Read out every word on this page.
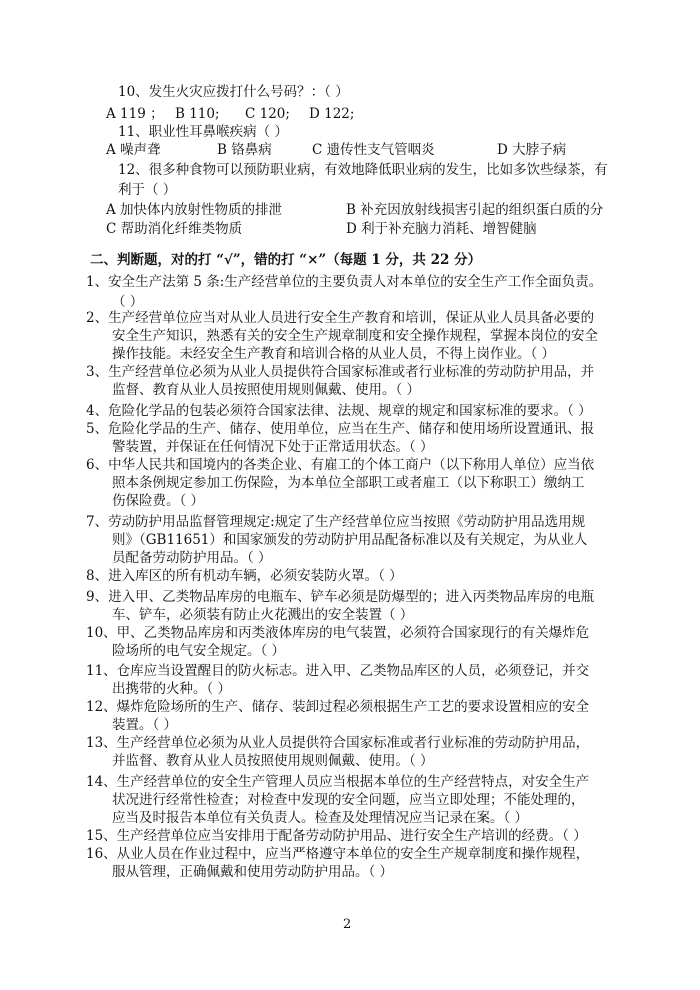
10、发生火灾应拨打什么号码？：（ ）
A 119 ； B 110; C 120; D 122;
11、职业性耳鼻喉疾病（ ）
A 噪声聋	B 铬鼻病	C 遗传性支气管咽炎	D 大脖子病
12、很多种食物可以预防职业病，有效地降低职业病的发生，比如多饮些绿茶，有
利于（ ）
A 加快体内放射性物质的排泄	B 补充因放射线损害引起的组织蛋白质的分
C 帮助消化纤维类物质	D 利于补充脑力消耗、增智健脑
二、判断题，对的打 “√”，错的打 “×”（每题 1 分，共 22 分）
1、安全生产法第 5 条:生产经营单位的主要负责人对本单位的安全生产工作全面负责。
（ ）
2、生产经营单位应当对从业人员进行安全生产教育和培训，保证从业人员具备必要的
安全生产知识，熟悉有关的安全生产规章制度和安全操作规程，掌握本岗位的安全
操作技能。未经安全生产教育和培训合格的从业人员，不得上岗作业。（ ）
3、生产经营单位必须为从业人员提供符合国家标准或者行业标准的劳动防护用品，并
监督、教育从业人员按照使用规则佩戴、使用。（ ）
4、危险化学品的包装必须符合国家法律、法规、规章的规定和国家标准的要求。（ ）
5、危险化学品的生产、储存、使用单位，应当在生产、储存和使用场所设置通讯、报
警装置，并保证在任何情况下处于正常适用状态。（ ）
6、中华人民共和国境内的各类企业、有雇工的个体工商户（以下称用人单位）应当依
照本条例规定参加工伤保险，为本单位全部职工或者雇工（以下称职工）缴纳工
伤保险费。（ ）
7、劳动防护用品监督管理规定:规定了生产经营单位应当按照《劳动防护用品选用规
则》（GB11651）和国家颁发的劳动防护用品配备标准以及有关规定，为从业人
员配备劳动防护用品。（ ）
8、进入库区的所有机动车辆，必须安装防火罩。（ ）
9、进入甲、乙类物品库房的电瓶车、铲车必须是防爆型的；进入丙类物品库房的电瓶
车、铲车，必须装有防止火花溅出的安全装置（ ）
10、甲、乙类物品库房和丙类液体库房的电气装置，必须符合国家现行的有关爆炸危
险场所的电气安全规定。（ ）
11、仓库应当设置醒目的防火标志。进入甲、乙类物品库区的人员，必须登记，并交
出携带的火种。（ ）
12、爆炸危险场所的生产、储存、装卸过程必须根据生产工艺的要求设置相应的安全
装置。（ ）
13、生产经营单位必须为从业人员提供符合国家标准或者行业标准的劳动防护用品，
并监督、教育从业人员按照使用规则佩戴、使用。（ ）
14、生产经营单位的安全生产管理人员应当根据本单位的生产经营特点，对安全生产
状况进行经常性检查；对检查中发现的安全问题，应当立即处理；不能处理的，
应当及时报告本单位有关负责人。检查及处理情况应当记录在案。（ ）
15、生产经营单位应当安排用于配备劳动防护用品、进行安全生产培训的经费。（ ）
16、从业人员在作业过程中，应当严格遵守本单位的安全生产规章制度和操作规程，
服从管理，正确佩戴和使用劳动防护用品。（ ）
2
